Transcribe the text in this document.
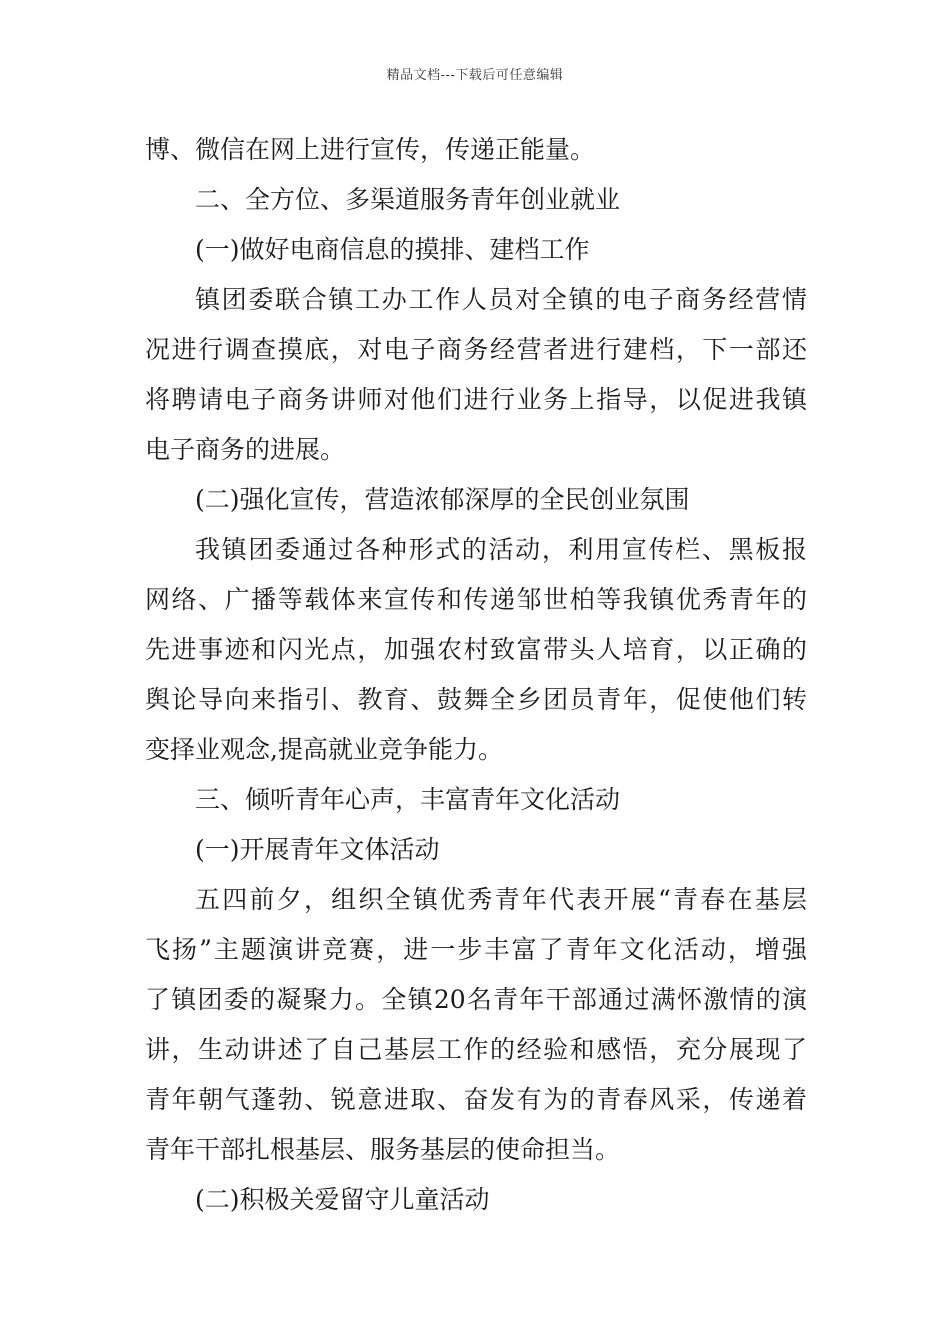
精品文档---下载后可任意编辑
博、微信在网上进行宣传，传递正能量。
二、全方位、多渠道服务青年创业就业
(一)做好电商信息的摸排、建档工作
镇团委联合镇工办工作人员对全镇的电子商务经营情
况进行调查摸底，对电子商务经营者进行建档，下一部还
将聘请电子商务讲师对他们进行业务上指导，以促进我镇
电子商务的进展。
(二)强化宣传，营造浓郁深厚的全民创业氛围
我镇团委通过各种形式的活动，利用宣传栏、黑板报
网络、广播等载体来宣传和传递邹世柏等我镇优秀青年的
先进事迹和闪光点，加强农村致富带头人培育，以正确的
舆论导向来指引、教育、鼓舞全乡团员青年，促使他们转
变择业观念,提高就业竞争能力。
三、倾听青年心声，丰富青年文化活动
(一)开展青年文体活动
五四前夕，组织全镇优秀青年代表开展“青春在基层
飞扬”主题演讲竞赛，进一步丰富了青年文化活动，增强
了镇团委的凝聚力。全镇20名青年干部通过满怀激情的演
讲，生动讲述了自己基层工作的经验和感悟，充分展现了
青年朝气蓬勃、锐意进取、奋发有为的青春风采，传递着
青年干部扎根基层、服务基层的使命担当。
(二)积极关爱留守儿童活动
